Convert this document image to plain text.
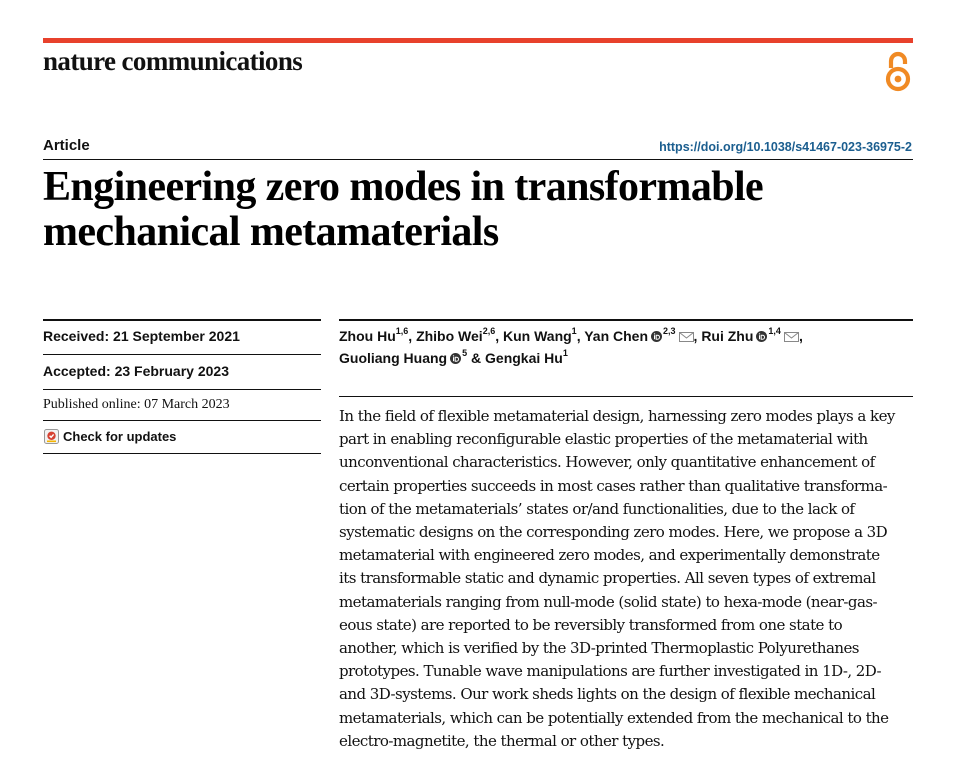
nature communications
Article	https://doi.org/10.1038/s41467-023-36975-2
Engineering zero modes in transformable
mechanical metamaterials
Received: 21 September 2021
Accepted: 23 February 2023
Published online: 07 March 2023
Check for updates
Zhou Hu$^{1,6}$, Zhibo Wei$^{2,6}$, Kun Wang$^1$, Yan Chen $^{2,3}$ , Rui Zhu $^{1,4}$ ,
Guoliang Huang $^5$ & Gengkai Hu$^1$

In the field of flexible metamaterial design, harnessing zero modes plays a key
part in enabling reconfigurable elastic properties of the metamaterial with
unconventional characteristics. However, only quantitative enhancement of
certain properties succeeds in most cases rather than qualitative transforma-
tion of the metamaterials’ states or/and functionalities, due to the lack of
systematic designs on the corresponding zero modes. Here, we propose a 3D
metamaterial with engineered zero modes, and experimentally demonstrate
its transformable static and dynamic properties. All seven types of extremal
metamaterials ranging from null-mode (solid state) to hexa-mode (near-gas-
eous state) are reported to be reversibly transformed from one state to
another, which is verified by the 3D-printed Thermoplastic Polyurethanes
prototypes. Tunable wave manipulations are further investigated in 1D-, 2D-
and 3D-systems. Our work sheds lights on the design of flexible mechanical
metamaterials, which can be potentially extended from the mechanical to the
electro-magnetite, the thermal or other types.
